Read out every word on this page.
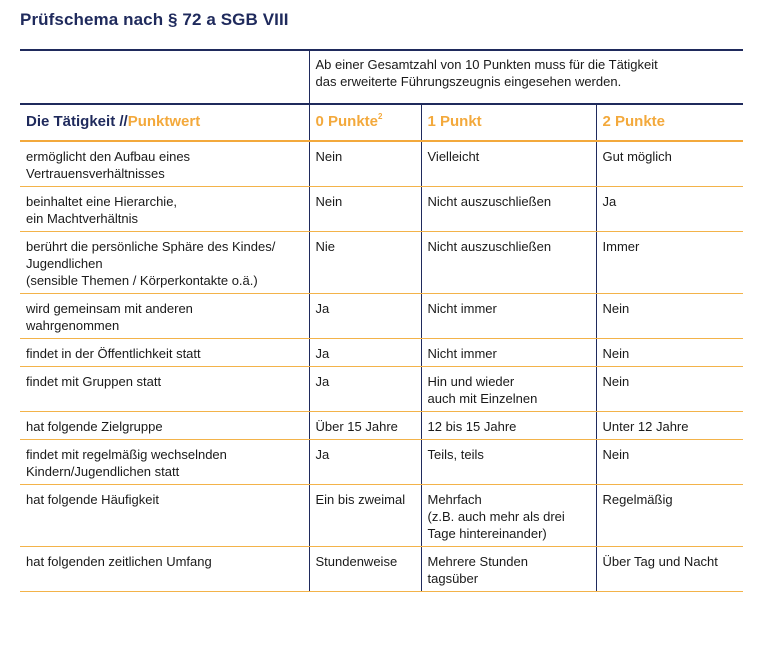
Prüfschema nach § 72 a SGB VIII

	Ab einer Gesamtzahl von 10 Punkten muss für die Tätigkeit
das erweiterte Führungszeugnis eingesehen werden.		

Die Tätigkeit //Punktwert	0 Punkte$^2$	1 Punkt	2 Punkte

ermöglicht den Aufbau eines
Vertrauensverhältnisses	Nein	Vielleicht	Gut möglich

beinhaltet eine Hierarchie,
ein Machtverhältnis	Nein	Nicht auszuschließen	Ja

berührt die persönliche Sphäre des Kindes/
Jugendlichen
(sensible Themen / Körperkontakte o.ä.)	Nie	Nicht auszuschließen	Immer

wird gemeinsam mit anderen
wahrgenommen	Ja	Nicht immer	Nein

findet in der Öffentlichkeit statt	Ja	Nicht immer	Nein

findet mit Gruppen statt	Ja	Hin und wieder
auch mit Einzelnen	Nein

hat folgende Zielgruppe	Über 15 Jahre	12 bis 15 Jahre	Unter 12 Jahre

findet mit regelmäßig wechselnden
Kindern/Jugendlichen statt	Ja	Teils, teils	Nein

hat folgende Häufigkeit	Ein bis zweimal	Mehrfach
(z.B. auch mehr als drei
Tage hintereinander)	Regelmäßig

hat folgenden zeitlichen Umfang	Stundenweise	Mehrere Stunden
tagsüber	Über Tag und Nacht
